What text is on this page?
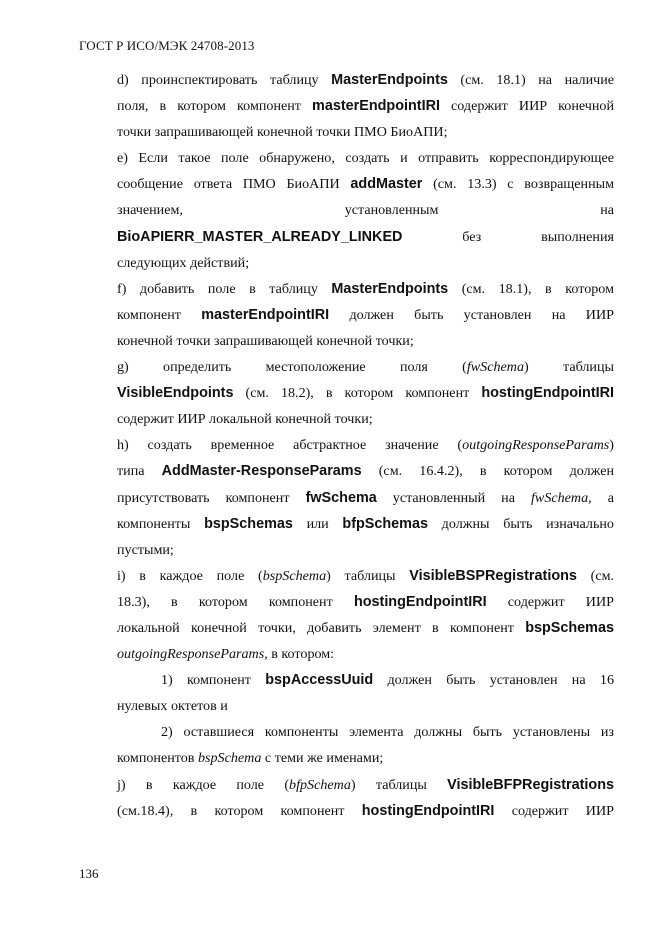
ГОСТ Р ИСО/МЭК 24708-2013
d) проинспектировать таблицу MasterEndpoints (см. 18.1) на наличие
поля, в котором компонент masterEndpointIRI содержит ИИР конечной
точки запрашивающей конечной точки ПМО БиоАПИ;
e) Если такое поле обнаружено, создать и отправить корреспондирующее
сообщение ответа ПМО БиоАПИ addMaster (см. 13.3) с возвращенным
значением, установленным на
BioAPIERR_MASTER_ALREADY_LINKED без выполнения
следующих действий;
f) добавить поле в таблицу MasterEndpoints (см. 18.1), в котором
компонент masterEndpointIRI должен быть установлен на ИИР
конечной точки запрашивающей конечной точки;
g) определить местоположение поля (fwSchema) таблицы
VisibleEndpoints (см. 18.2), в котором компонент hostingEndpointIRI
содержит ИИР локальной конечной точки;
h) создать временное абстрактное значение (outgoingResponseParams)
типа AddMaster-ResponseParams (см. 16.4.2), в котором должен
присутствовать компонент fwSchema установленный на fwSchema, а
компоненты bspSchemas или bfpSchemas должны быть изначально
пустыми;
i) в каждое поле (bspSchema) таблицы VisibleBSPRegistrations (см.
18.3), в котором компонент hostingEndpointIRI содержит ИИР
локальной конечной точки, добавить элемент в компонент bspSchemas
outgoingResponseParams, в котором:
1) компонент bspAccessUuid должен быть установлен на 16
нулевых октетов и
2) оставшиеся компоненты элемента должны быть установлены из
компонентов bspSchema с теми же именами;
j) в каждое поле (bfpSchema) таблицы VisibleBFPRegistrations
(см.18.4), в котором компонент hostingEndpointIRI содержит ИИР
136
